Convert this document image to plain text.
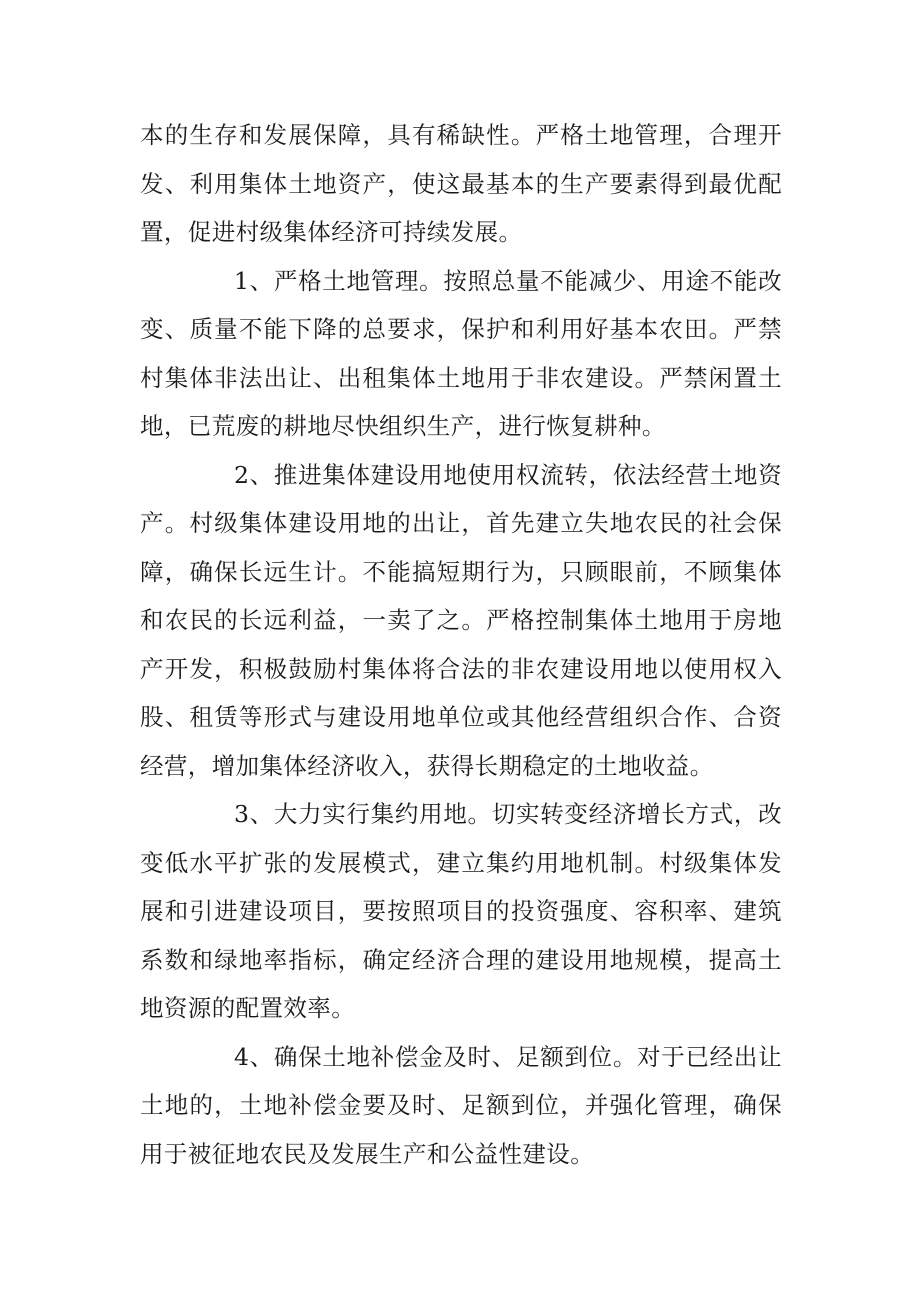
本的生存和发展保障，具有稀缺性。严格土地管理，合理开发、利用集体土地资产，使这最基本的生产要素得到最优配置，促进村级集体经济可持续发展。

1、严格土地管理。按照总量不能减少、用途不能改变、质量不能下降的总要求，保护和利用好基本农田。严禁村集体非法出让、出租集体土地用于非农建设。严禁闲置土地，已荒废的耕地尽快组织生产，进行恢复耕种。

2、推进集体建设用地使用权流转，依法经营土地资产。村级集体建设用地的出让，首先建立失地农民的社会保障，确保长远生计。不能搞短期行为，只顾眼前，不顾集体和农民的长远利益，一卖了之。严格控制集体土地用于房地产开发，积极鼓励村集体将合法的非农建设用地以使用权入股、租赁等形式与建设用地单位或其他经营组织合作、合资经营，增加集体经济收入，获得长期稳定的土地收益。

3、大力实行集约用地。切实转变经济增长方式，改变低水平扩张的发展模式，建立集约用地机制。村级集体发展和引进建设项目，要按照项目的投资强度、容积率、建筑系数和绿地率指标，确定经济合理的建设用地规模，提高土地资源的配置效率。

4、确保土地补偿金及时、足额到位。对于已经出让土地的，土地补偿金要及时、足额到位，并强化管理，确保用于被征地农民及发展生产和公益性建设。
